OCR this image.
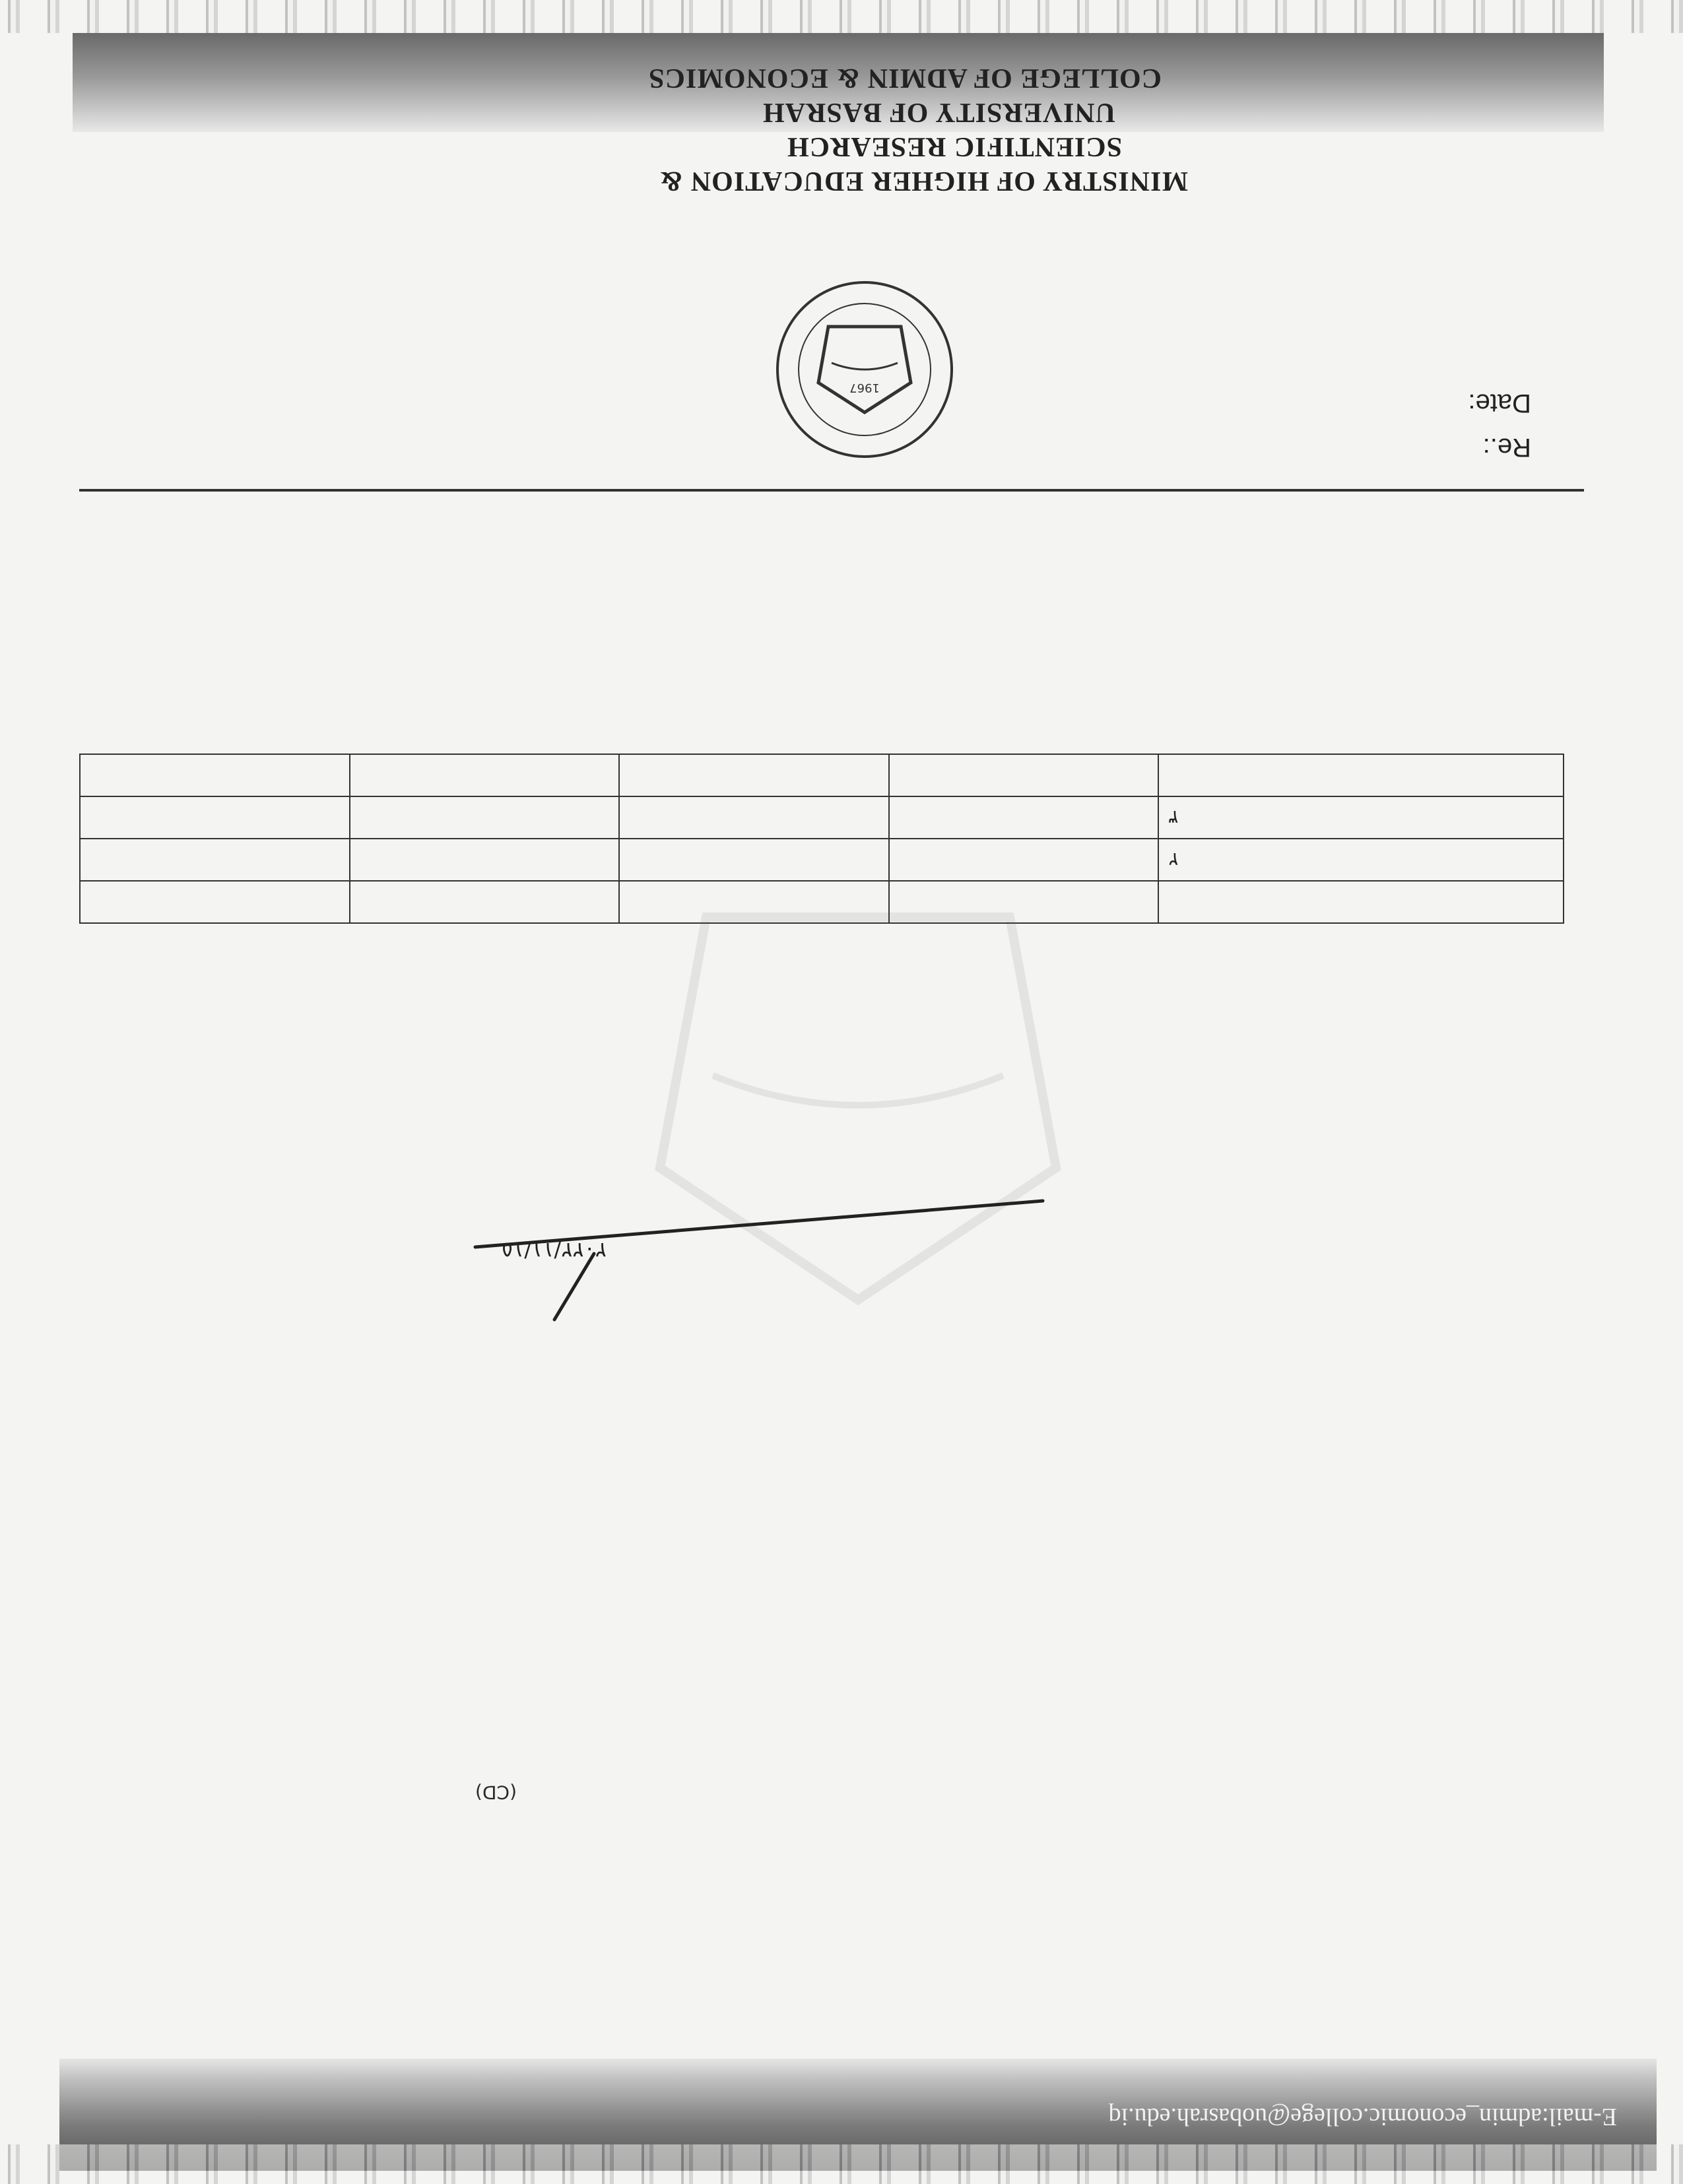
MINISTRY OF HIGHER EDUCATION &
SCIENTIFIC RESEARCH
UNIVERSITY OF BASRAH
COLLEGE OF ADMIN & ECONOMICS
1967
Re.:
Date:

				٢
				٣

٢٠٢٢/١١/١٥
(CD)
E-mail:admin_economic.college@uobasrah.edu.iq
